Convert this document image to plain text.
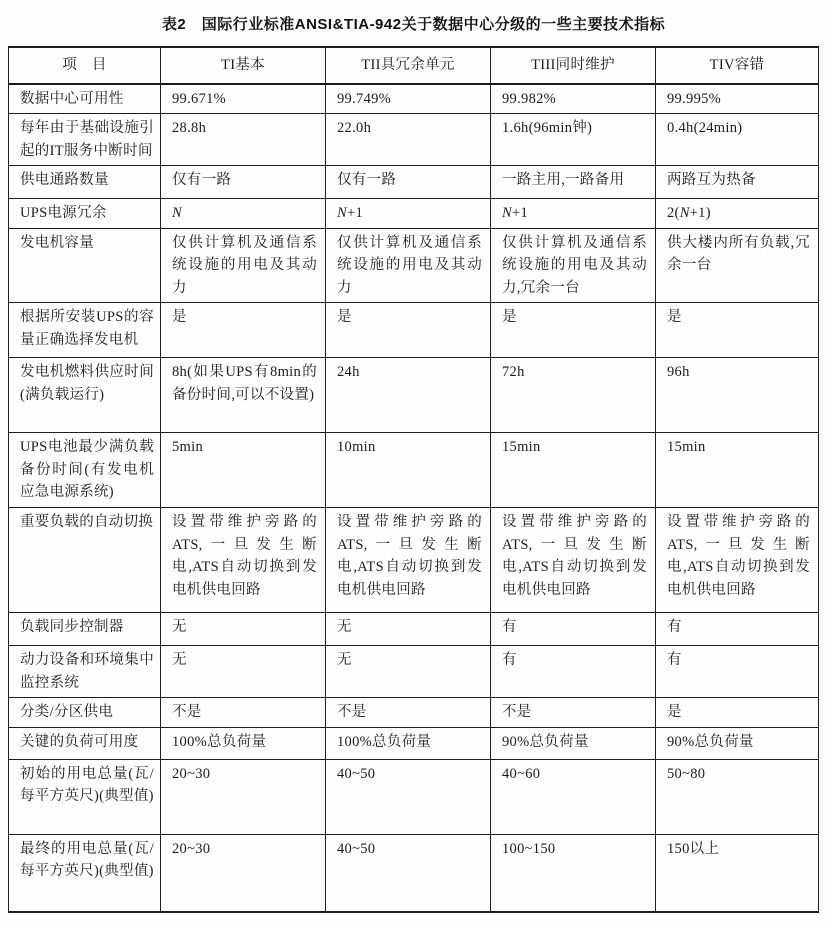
表2　国际行业标准ANSI&TIA-942关于数据中心分级的一些主要技术指标
项　目	TI基本	TII具冗余单元	TIII同时维护	TIV容错
数据中心可用性	99.671%	99.749%	99.982%	99.995%
每年由于基础设施引起的IT服务中断时间	28.8h	22.0h	1.6h(96min钟)	0.4h(24min)
供电通路数量	仅有一路	仅有一路	一路主用,一路备用	两路互为热备
UPS电源冗余	N	N+1	N+1	2(N+1)
发电机容量	仅供计算机及通信系统设施的用电及其动力	仅供计算机及通信系统设施的用电及其动力	仅供计算机及通信系统设施的用电及其动力,冗余一台	供大楼内所有负载,冗余一台
根据所安装UPS的容量正确选择发电机	是	是	是	是
发电机燃料供应时间(满负载运行)	8h(如果UPS有8min的备份时间,可以不设置)	24h	72h	96h
UPS电池最少满负载备份时间(有发电机应急电源系统)	5min	10min	15min	15min
重要负载的自动切换	设置带维护旁路的ATS,一旦发生断电,ATS自动切换到发电机供电回路	设置带维护旁路的ATS,一旦发生断电,ATS自动切换到发电机供电回路	设置带维护旁路的ATS,一旦发生断电,ATS自动切换到发电机供电回路	设置带维护旁路的ATS,一旦发生断电,ATS自动切换到发电机供电回路
负载同步控制器	无	无	有	有
动力设备和环境集中监控系统	无	无	有	有
分类/分区供电	不是	不是	不是	是
关键的负荷可用度	100%总负荷量	100%总负荷量	90%总负荷量	90%总负荷量
初始的用电总量(瓦/每平方英尺)(典型值)	20~30	40~50	40~60	50~80
最终的用电总量(瓦/每平方英尺)(典型值)	20~30	40~50	100~150	150以上
